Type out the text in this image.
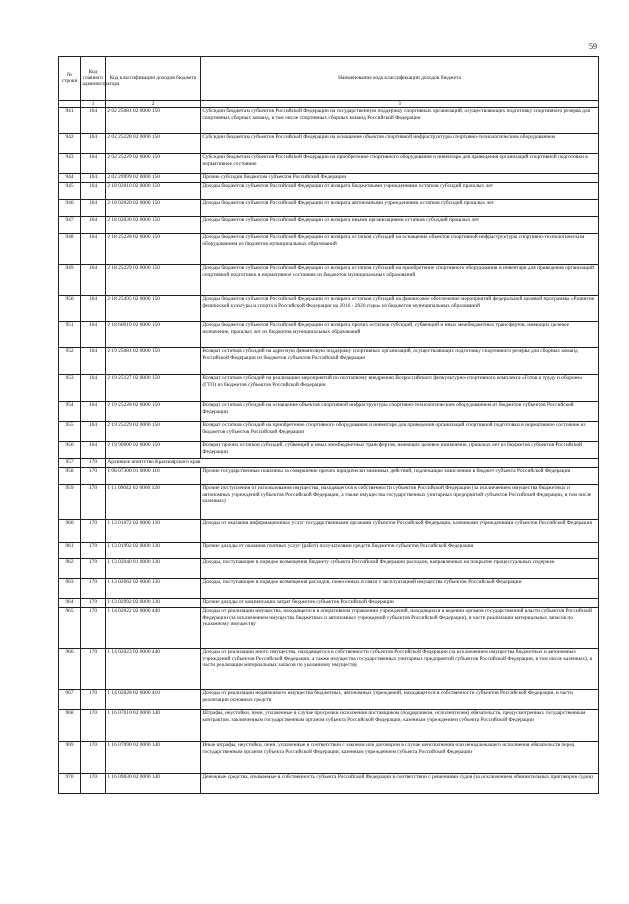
59
№ строки	Код главного администратора	Код классификации доходов бюджета	Наименование кода классификации доходов бюджета
	1	2	3
941	164	2 02 25081 02 0000 150	Субсидии бюджетам субъектов Российской Федерации на государственную поддержку спортивных организаций, осуществляющих подготовку спортивного резерва для спортивных сборных команд, в том числе спортивных сборных команд Российской Федерации
942	164	2 02 25228 02 0000 150	Субсидии бюджетам субъектов Российской Федерации на оснащение объектов спортивной инфраструктуры спортивно-технологическим оборудованием
943	164	2 02 25229 02 0000 150	Субсидии бюджетам субъектов Российской Федерации на приобретение спортивного оборудования и инвентаря для приведения организаций спортивной подготовки в нормативное состояние
944	164	2 02 29999 02 0000 150	Прочие субсидии бюджетам субъектов Российской Федерации
945	164	2 18 02010 02 0000 150	Доходы бюджетов субъектов Российской Федерации от возврата бюджетными учреждениями остатков субсидий прошлых лет
946	164	2 18 02020 02 0000 150	Доходы бюджетов субъектов Российской Федерации от возврата автономными учреждениями остатков субсидий прошлых лет
947	164	2 18 02030 02 0000 150	Доходы бюджетов субъектов Российской Федерации от возврата иными организациями остатков субсидий прошлых лет
948	164	2 18 25228 02 0000 150	Доходы бюджетов субъектов Российской Федерации от возврата остатков субсидий на оснащение объектов спортивной инфраструктуры спортивно-технологическим оборудованием из бюджетов муниципальных образований
949	164	2 18 25229 02 0000 150	Доходы бюджетов субъектов Российской Федерации от возврата остатков субсидий на приобретение спортивного оборудования и инвентаря для приведения организаций спортивной подготовки в нормативное состояние из бюджетов муниципальных образований
950	164	2 18 25495 02 0000 150	Доходы бюджетов субъектов Российской Федерации от возврата остатков субсидий на финансовое обеспечение мероприятий федеральной целевой программы «Развитие физической культуры и спорта в Российской Федерации на 2016 - 2020 годы» из бюджетов муниципальных образований
951	164	2 18 60010 02 0000 150	Доходы бюджетов субъектов Российской Федерации от возврата прочих остатков субсидий, субвенций и иных межбюджетных трансфертов, имеющих целевое назначение, прошлых лет из бюджетов муниципальных образований
952	164	2 19 25081 02 0000 150	Возврат остатков субсидий на адресную финансовую поддержку спортивных организаций, осуществляющих подготовку спортивного резерва для сборных команд Российской Федерации из бюджетов субъектов Российской Федерации
953	164	2 19 25127 02 0000 150	Возврат остатков субсидий на реализацию мероприятий по поэтапному внедрению Всероссийского физкультурно-спортивного комплекса «Готов к труду и обороне» (ГТО) из бюджетов субъектов Российской Федерации
954	164	2 19 25228 02 0000 150	Возврат остатков субсидий на оснащение объектов спортивной инфраструктуры спортивно-технологическим оборудованием из бюджетов субъектов Российской Федерации
955	164	2 19 25229 02 0000 150	Возврат остатков субсидий на приобретение спортивного оборудования и инвентаря для приведения организаций спортивной подготовки в нормативное состояние из бюджетов субъектов Российской Федерации
956	164	2 19 90000 02 0000 150	Возврат прочих остатков субсидий, субвенций и иных межбюджетных трансфертов, имеющих целевое назначение, прошлых лет из бюджетов субъектов Российской Федерации
957	170	Архивное агентство Красноярского края	
958	170	1 08 07300 01 0000 110	Прочие государственные пошлины за совершение прочих юридически значимых действий, подлежащие зачислению в бюджет субъекта Российской Федерации
959	170	1 11 09042 02 0000 120	Прочие поступления от использования имущества, находящегося в собственности субъектов Российской Федерации (за исключением имущества бюджетных и автономных учреждений субъектов Российской Федерации, а также имущества государственных унитарных предприятий субъектов Российской Федерации, в том числе казенных)
960	170	1 13 01072 02 0000 130	Доходы от оказания информационных услуг государственными органами субъектов Российской Федерации, казенными учреждениями субъектов Российской Федерации
961	170	1 13 01992 02 0000 130	Прочие доходы от оказания платных услуг (работ) получателями средств бюджетов субъектов Российской Федерации
962	170	1 13 02040 01 0000 130	Доходы, поступающие в порядке возмещения бюджету субъекта Российской Федерации расходов, направленных на покрытие процессуальных издержек
963	170	1 13 02062 02 0000 130	Доходы, поступающие в порядке возмещения расходов, понесенных в связи с эксплуатацией имущества субъектов Российской Федерации
964	170	1 13 02992 02 0000 130	Прочие доходы от компенсации затрат бюджетов субъектов Российской Федерации
965	170	1 14 02022 02 0000 440	Доходы от реализации имущества, находящегося в оперативном управлении учреждений, находящихся в ведении органов государственной власти субъектов Российской Федерации (за исключением имущества бюджетных и автономных учреждений субъектов Российской Федерации), в части реализации материальных запасов по указанному имуществу
966	170	1 14 02023 02 0000 440	Доходы от реализации иного имущества, находящегося в собственности субъектов Российской Федерации (за исключением имущества бюджетных и автономных учреждений субъектов Российской Федерации, а также имущества государственных унитарных предприятий субъектов Российской Федерации, в том числе казенных), в части реализации материальных запасов по указанному имуществу
967	170	1 14 02028 02 0000 410	Доходы от реализации недвижимого имущества бюджетных, автономных учреждений, находящегося в собственности субъектов Российской Федерации, в части реализации основных средств
968	170	1 16 07010 02 0000 140	Штрафы, неустойки, пени, уплаченные в случае просрочки исполнения поставщиком (подрядчиком, исполнителем) обязательств, предусмотренных государственным контрактом, заключенным государственным органом субъекта Российской Федерации, казенным учреждением субъекта Российской Федерации
969	170	1 16 07090 02 0000 140	Иные штрафы, неустойки, пени, уплаченные в соответствии с законом или договором в случае неисполнения или ненадлежащего исполнения обязательств перед государственным органом субъекта Российской Федерации, казенным учреждением субъекта Российской Федерации
970	170	1 16 09030 02 0000 140	Денежные средства, изымаемые в собственность субъекта Российской Федерации в соответствии с решениями судов (за исключением обвинительных приговоров судов)
